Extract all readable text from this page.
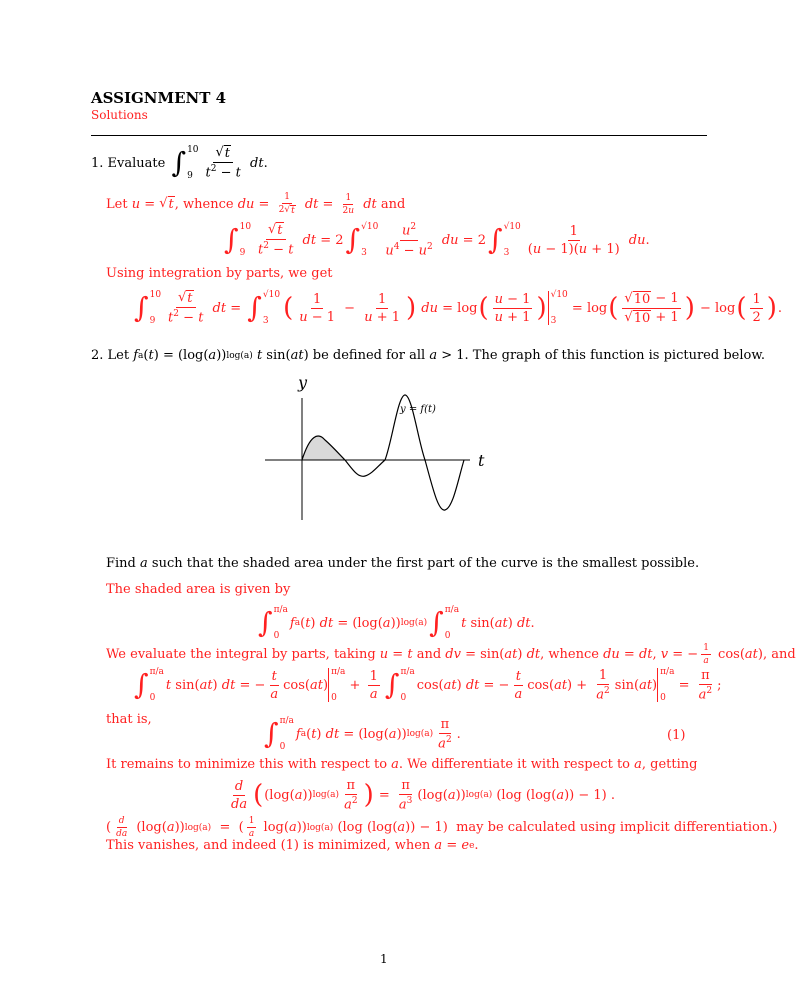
ASSIGNMENT 4
Solutions
1.
Evaluate
∫ 10
$9 \frac{√ t}{t^2 - t}$ dt .
Let u = √ t , whence du = $\frac{1}{2 √ t}$ dt = $\frac{1}{2u}$ dt and
∫ 10
$9 \frac{√ t}{t^2 - t}$ dt = 2 ∫ √10
3	$\frac{u^2}{u^4 - u^2}$ du = 2 ∫ √10
3	$\frac{1}{(u - 1)(u + 1)}$ du .
Using integration by parts, we get
∫ 10
$9 \frac{√ t}{t^2 - t}$ dt = ∫ √10
3 ( $\frac{1}{u - 1} - \frac{1}{u + 1}$ ) du = log ( $\frac{u - 1}{u + 1}$ ) √10
3
= log ( $\frac{√ 10 - 1}{√ 10 + 1}$ ) − log ( $\frac{1}{2}$ ) .
2.
Let f a ( t ) = (log( a )) log(a)
t sin( at ) be defined for all a > 1. The graph of this function is pictured below.
y
t
y = f(t)
Find a such that the shaded area under the first part of the curve is the smallest possible.
The shaded area is given by
∫ π/a
0
f a ( t ) dt = (log( a )) log(a) ∫ π/a
0
t sin( at ) dt .
We evaluate the integral by parts, taking u = t and dv = sin( at ) dt , whence du = dt , v = − $\frac{1}{a} \cos$( at ), and
∫ π/a
0
t sin( at ) dt = − $\frac{t}{a} \cos$( at )
π/a
0
+ $\frac{1}{a}$ ∫ π/a
0
cos( at ) dt = − $\frac{t}{a} \cos$( at ) + $\frac{1}{a^2} \sin$( at )
π/a
0
= $\frac{\pi}{a^2}$ ;
that is,	∫ π/a
0
f a ( t ) dt = (log( a )) $\log(a) \frac{\pi}{a^2}$ .	(1)
It remains to minimize this with respect to a . We differentiate it with respect to a , getting
$\frac{d}{da}$ ( (log( a )) $\log(a) \frac{\pi}{a^2}$ ) = $\frac{\pi}{a^3} (\log$( a )) log(a) (log (log( a )) − 1) .
( $\frac{d}{da} (\log$( a )) log(a) =  ( $\frac{1}{a} \log$( a )) log(a) (log (log( a )) − 1)  may be calculated using implicit differentiation.)
This vanishes, and indeed (1) is minimized, when a = e e .
1
